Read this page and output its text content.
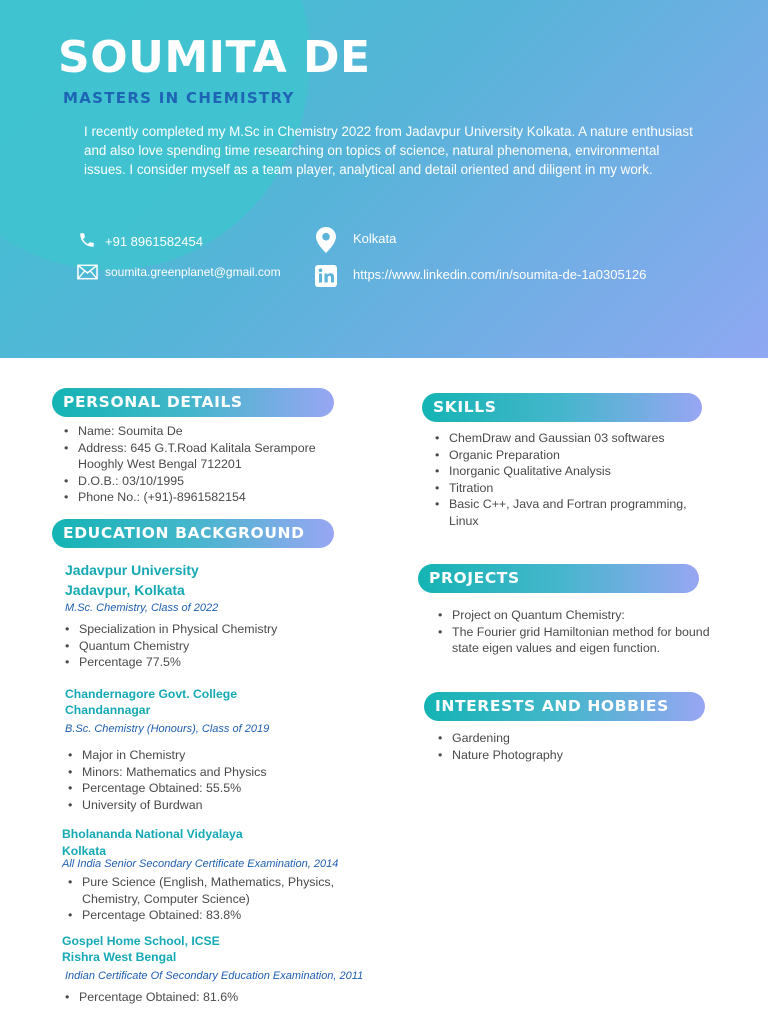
SOUMITA DE
MASTERS IN CHEMISTRY

I recently completed my M.Sc in Chemistry 2022 from Jadavpur University Kolkata. A nature enthusiast and also love spending time researching on topics of science, natural phenomena, environmental issues. I consider myself as a team player, analytical and detail oriented and diligent in my work.

+91 8961582454
soumita.greenplanet@gmail.com
Kolkata
https://www.linkedin.com/in/soumita-de-1a0305126
PERSONAL DETAILS
• Name: Soumita De
• Address: 645 G.T.Road Kalitala Serampore Hooghly West Bengal 712201
• D.O.B.: 03/10/1995
• Phone No.: (+91)-8961582154
EDUCATION BACKGROUND
Jadavpur University
Jadavpur, Kolkata
M.Sc. Chemistry, Class of 2022
• Specialization in Physical Chemistry
• Quantum Chemistry
• Percentage 77.5%
Chandernagore Govt. College
Chandannagar
B.Sc. Chemistry (Honours), Class of 2019
• Major in Chemistry
• Minors: Mathematics and Physics
• Percentage Obtained: 55.5%
• University of Burdwan
Bholananda National Vidyalaya
Kolkata
All India Senior Secondary Certificate Examination, 2014
• Pure Science (English, Mathematics, Physics, Chemistry, Computer Science)
• Percentage Obtained: 83.8%
Gospel Home School, ICSE
Rishra West Bengal
Indian Certificate Of Secondary Education Examination, 2011
• Percentage Obtained: 81.6%
SKILLS
• ChemDraw and Gaussian 03 softwares
• Organic Preparation
• Inorganic Qualitative Analysis
• Titration
• Basic C++, Java and Fortran programming, Linux
PROJECTS
• Project on Quantum Chemistry:
• The Fourier grid Hamiltonian method for bound state eigen values and eigen function.
INTERESTS AND HOBBIES
• Gardening
• Nature Photography
